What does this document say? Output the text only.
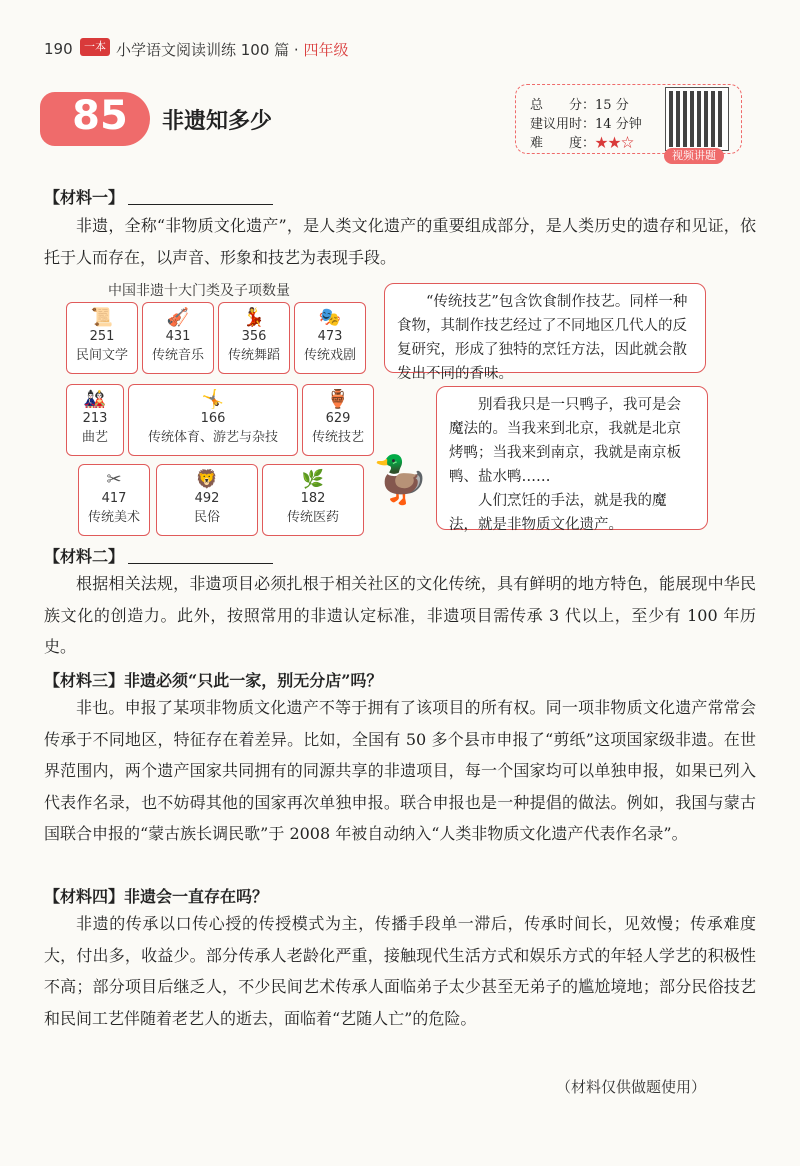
190	一本 小学语文阅读训练 100 篇 · 四年级
85	非遗知多少
总　　分：15 分
建议用时：14 分钟
难　　度：★★☆
视频讲题
【材料一】
非遗，全称“非物质文化遗产”，是人类文化遗产的重要组成部分，是人类历史的遗存和见证，依托于人而存在，以声音、形象和技艺为表现手段。
中国非遗十大门类及子项数量
📜
251
民间文学
🎻
431
传统音乐
💃
356
传统舞蹈
🎭
473
传统戏剧
🎎
213
曲艺
🤸
166
传统体育、游艺与杂技
🏺
629
传统技艺
✂
417
传统美术
🦁
492
民俗
🌿
182
传统医药

“传统技艺”包含饮食制作技艺。同样一种食物，其制作技艺经过了不同地区几代人的反复研究，形成了独特的烹饪方法，因此就会散发出不同的香味。

别看我只是一只鸭子，我可是会魔法的。当我来到北京，我就是北京烤鸭；当我来到南京，我就是南京板鸭、盐水鸭……

人们烹饪的手法，就是我的魔法，就是非物质文化遗产。

🦆
【材料二】
根据相关法规，非遗项目必须扎根于相关社区的文化传统，具有鲜明的地方特色，能展现中华民族文化的创造力。此外，按照常用的非遗认定标准，非遗项目需传承 3 代以上，至少有 100 年历史。
【材料三】非遗必须“只此一家，别无分店”吗？
非也。申报了某项非物质文化遗产不等于拥有了该项目的所有权。同一项非物质文化遗产常常会传承于不同地区，特征存在着差异。比如，全国有 50 多个县市申报了“剪纸”这项国家级非遗。在世界范围内，两个遗产国家共同拥有的同源共享的非遗项目，每一个国家均可以单独申报，如果已列入代表作名录，也不妨碍其他的国家再次单独申报。联合申报也是一种提倡的做法。例如，我国与蒙古国联合申报的“蒙古族长调民歌”于 2008 年被自动纳入“人类非物质文化遗产代表作名录”。
【材料四】非遗会一直存在吗？
非遗的传承以口传心授的传授模式为主，传播手段单一滞后，传承时间长，见效慢；传承难度大，付出多，收益少。部分传承人老龄化严重，接触现代生活方式和娱乐方式的年轻人学艺的积极性不高；部分项目后继乏人，不少民间艺术传承人面临弟子太少甚至无弟子的尴尬境地；部分民俗技艺和民间工艺伴随着老艺人的逝去，面临着“艺随人亡”的危险。
（材料仅供做题使用）
